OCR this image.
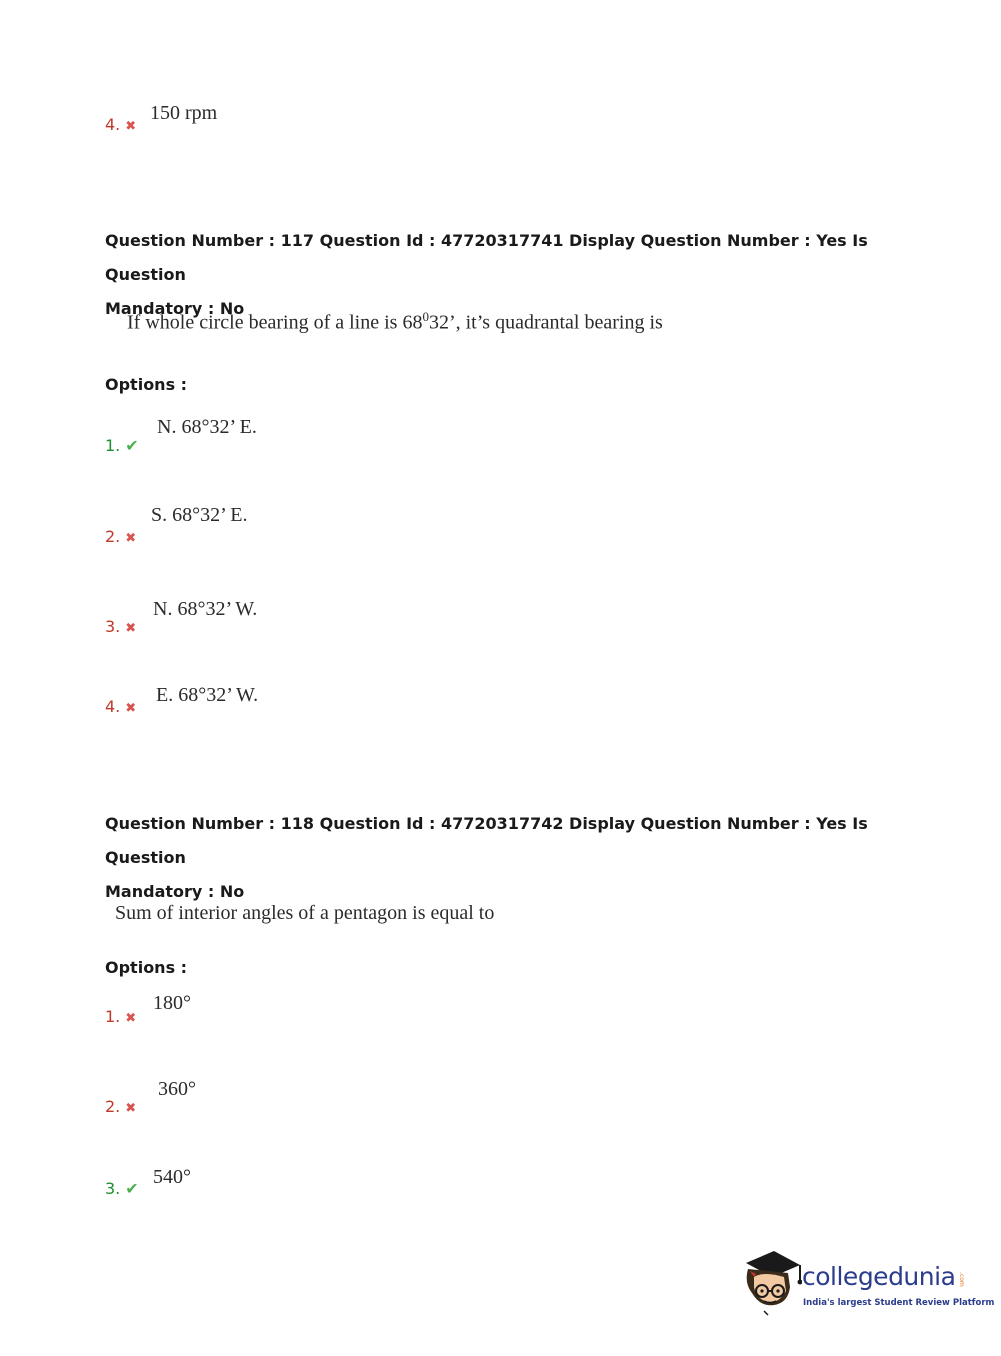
4. ✖
150 rpm
Question Number : 117 Question Id : 47720317741 Display Question Number : Yes Is Question
Mandatory : No
If whole circle bearing of a line is $68^032$’, it’s quadrantal bearing is
Options :
1. ✔
N. 68°32’ E.
2. ✖
S. 68°32’ E.
3. ✖
N. 68°32’ W.
4. ✖
E. 68°32’ W.
Question Number : 118 Question Id : 47720317742 Display Question Number : Yes Is Question
Mandatory : No
Sum of interior angles of a pentagon is equal to
Options :
1. ✖
180°
2. ✖
360°
3. ✔
540°
collegedunia .com
India's largest Student Review Platform
